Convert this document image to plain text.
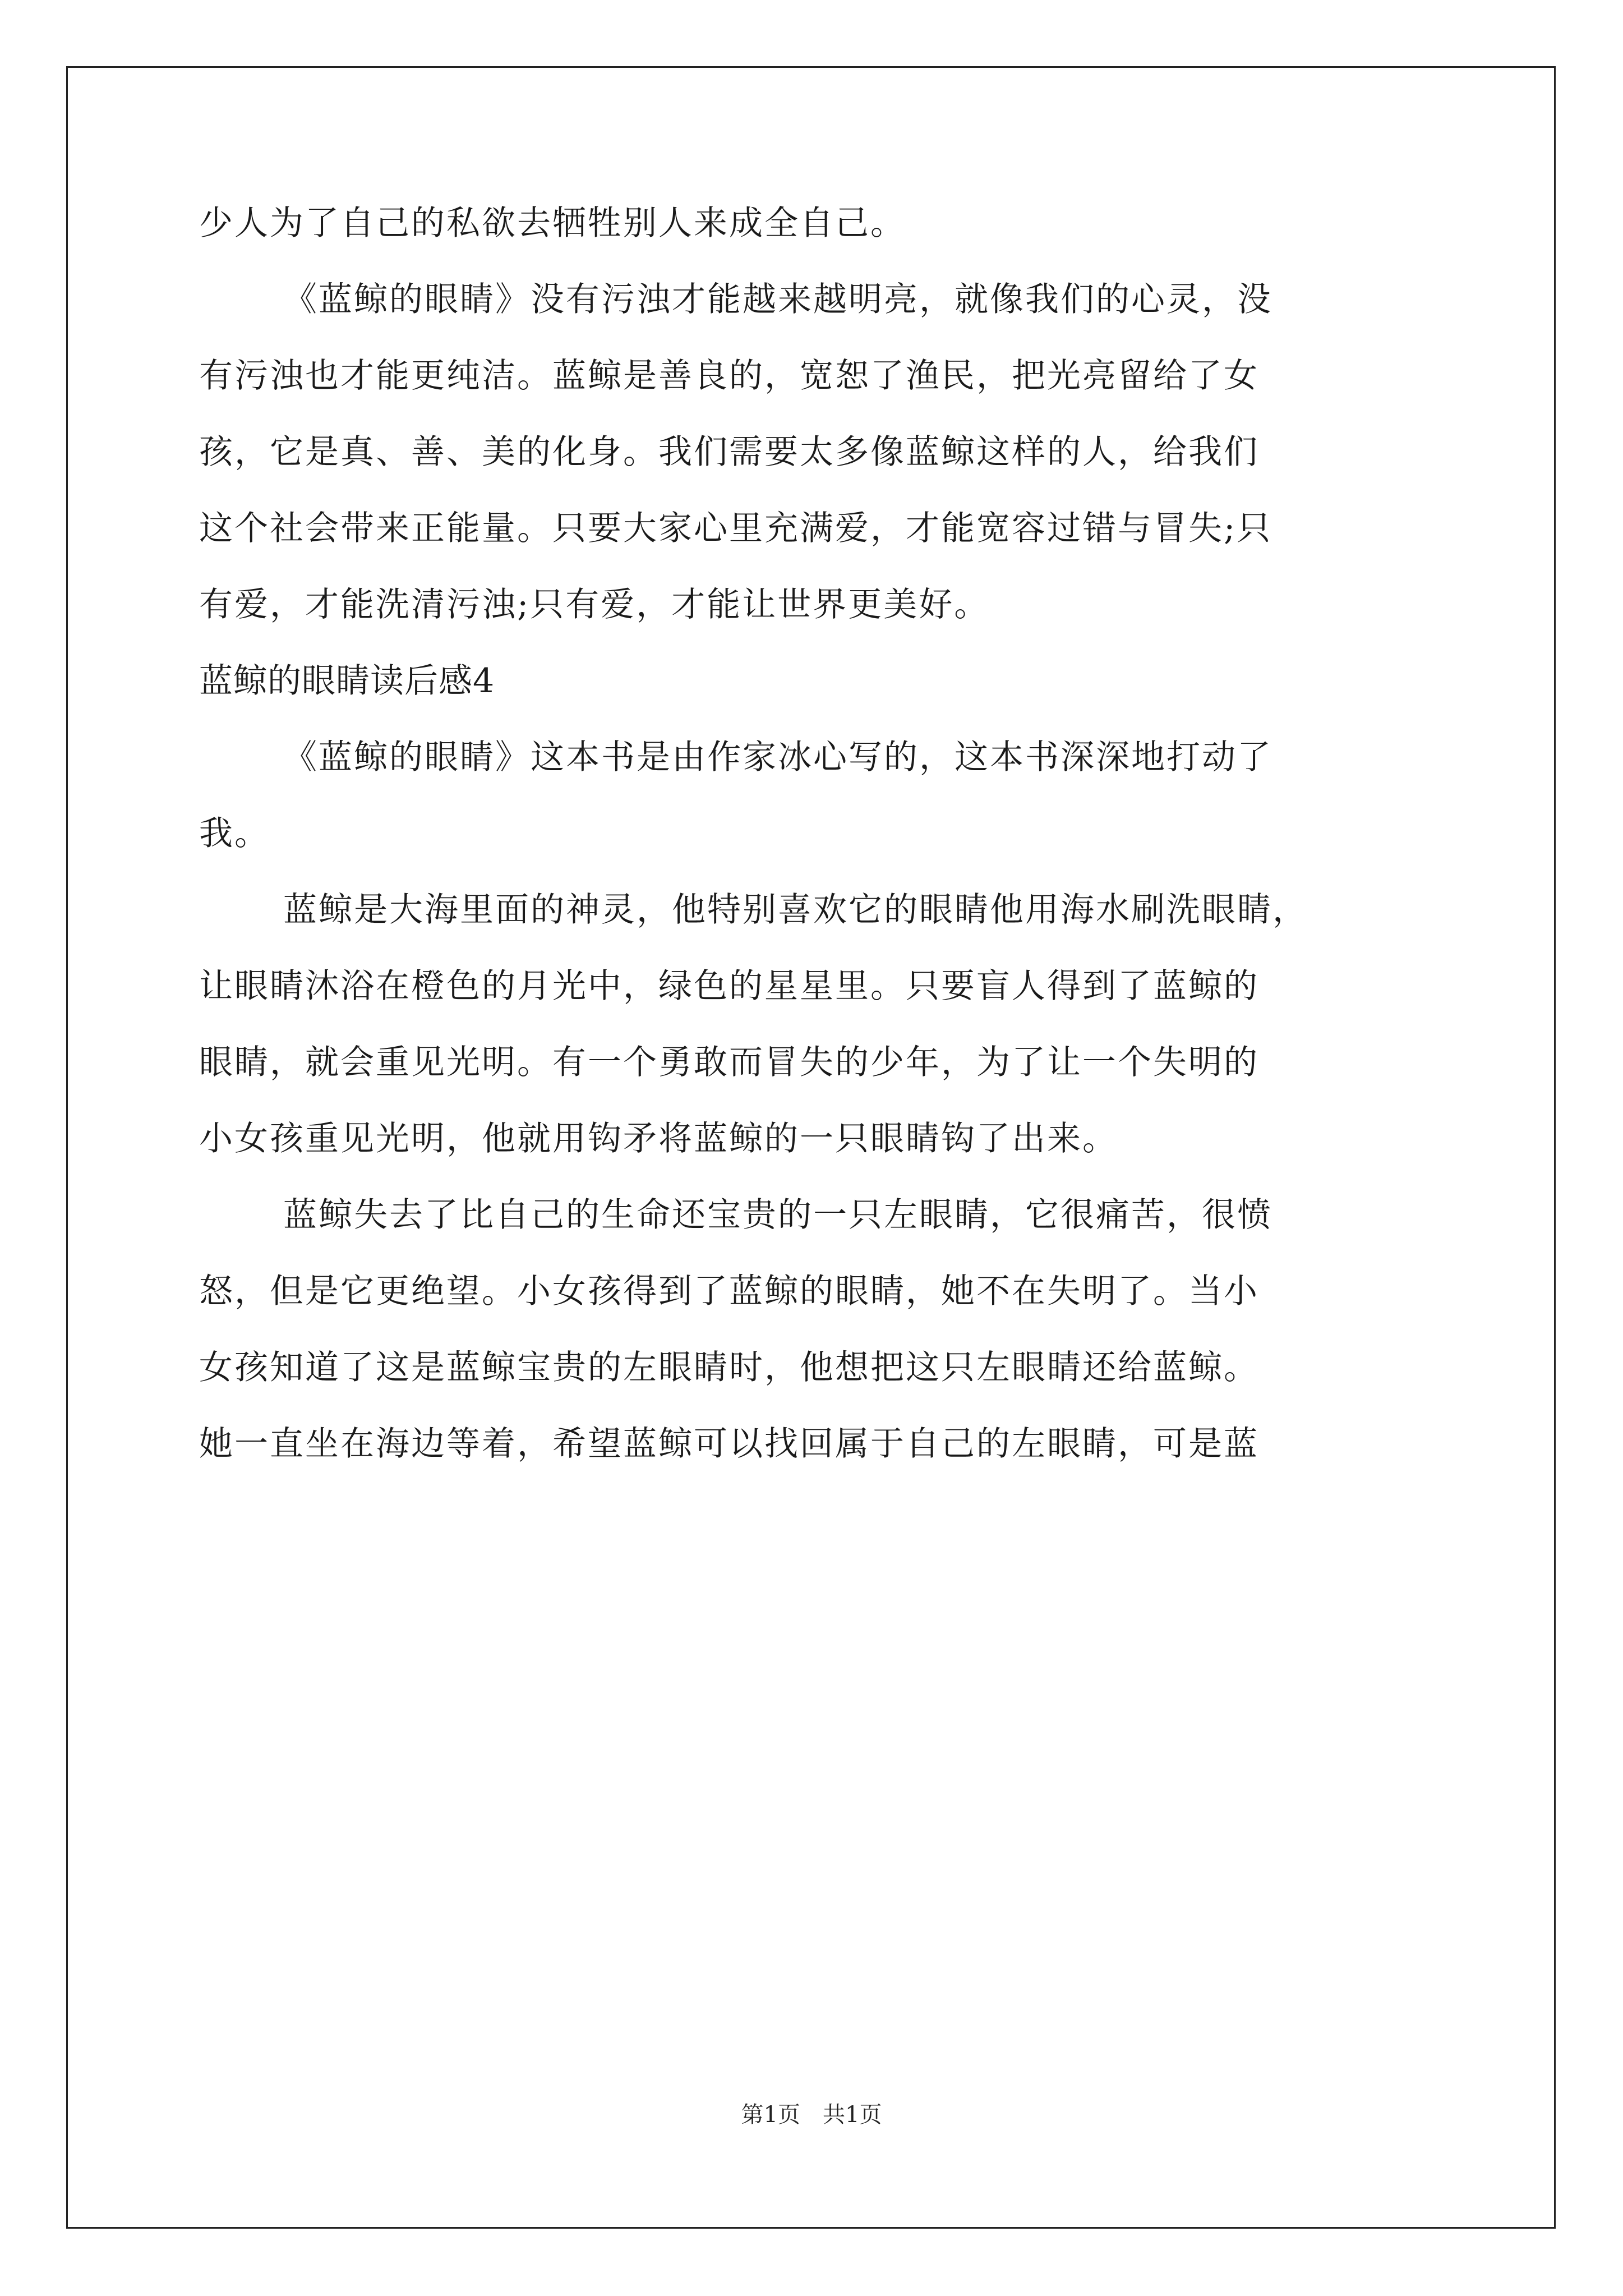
少人为了自己的私欲去牺牲别人来成全自己。
《蓝鲸的眼睛》没有污浊才能越来越明亮，就像我们的心灵，没
有污浊也才能更纯洁。蓝鲸是善良的，宽恕了渔民，把光亮留给了女
孩，它是真、善、美的化身。我们需要太多像蓝鲸这样的人，给我们
这个社会带来正能量。只要大家心里充满爱，才能宽容过错与冒失;只
有爱，才能洗清污浊;只有爱，才能让世界更美好。
蓝鲸的眼睛读后感4
《蓝鲸的眼睛》这本书是由作家冰心写的，这本书深深地打动了
我。
蓝鲸是大海里面的神灵，他特别喜欢它的眼睛他用海水刷洗眼睛，
让眼睛沐浴在橙色的月光中，绿色的星星里。只要盲人得到了蓝鲸的
眼睛，就会重见光明。有一个勇敢而冒失的少年，为了让一个失明的
小女孩重见光明，他就用钩矛将蓝鲸的一只眼睛钩了出来。
蓝鲸失去了比自己的生命还宝贵的一只左眼睛，它很痛苦，很愤
怒，但是它更绝望。小女孩得到了蓝鲸的眼睛，她不在失明了。当小
女孩知道了这是蓝鲸宝贵的左眼睛时，他想把这只左眼睛还给蓝鲸。
她一直坐在海边等着，希望蓝鲸可以找回属于自己的左眼睛，可是蓝
第1页　共1页
